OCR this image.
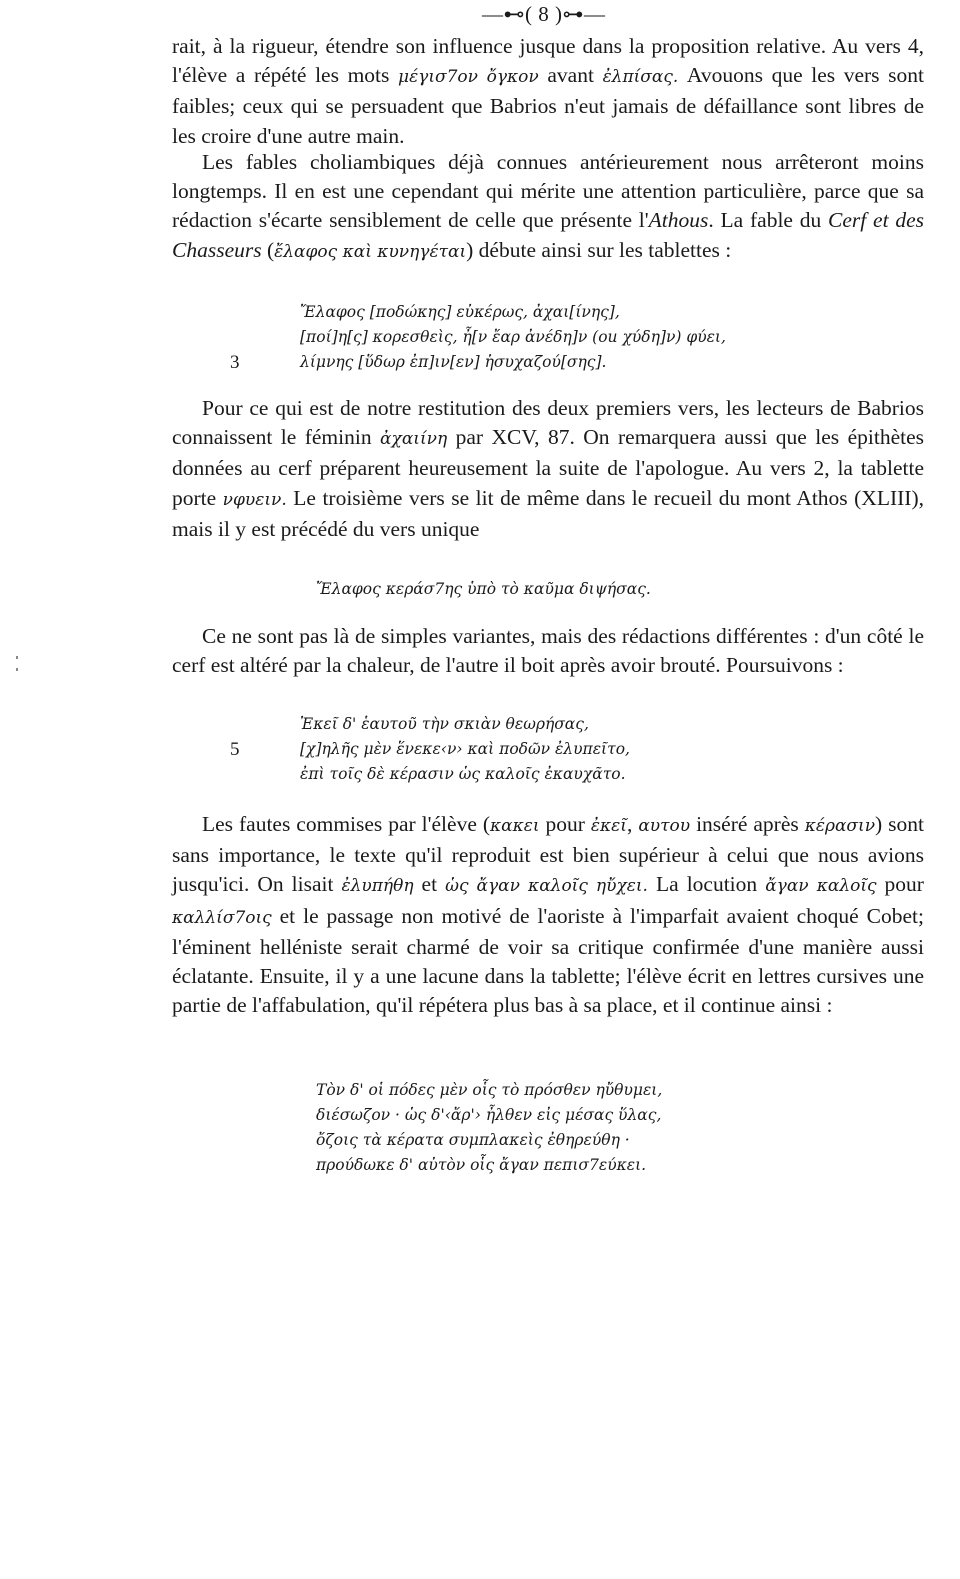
—⊷( 8 )⊶—

rait, à la rigueur, étendre son influence jusque dans la proposition relative. Au vers 4, l'élève a répété les mots μέγισ7ον ὄγκον avant ἐλπίσας. Avouons que les vers sont faibles; ceux qui se persuadent que Babrios n'eut jamais de défaillance sont libres de les croire d'une autre main.

Les fables choliambiques déjà connues antérieurement nous arrêteront moins longtemps. Il en est une cependant qui mérite une attention particulière, parce que sa rédaction s'écarte sensiblement de celle que présente l'Athous. La fable du Cerf et des Chasseurs (ἔλαφος καὶ κυνηγέται) débute ainsi sur les tablettes :

Ἔλαφος [ποδώκης] εὐκέρως, ἀχαι[ίνης],
[ποί]η[ς] κορεσθεὶς, ἦ[ν ἔαρ ἀνέδη]ν (ou χύδη]ν) φύει,
3	λίμνης [ὕδωρ ἐπ]ιν[εν] ἡσυχαζού[σης].

Pour ce qui est de notre restitution des deux premiers vers, les lecteurs de Babrios connaissent le féminin ἀχαιίνη par XCV, 87. On remarquera aussi que les épithètes données au cerf préparent heureusement la suite de l'apologue. Au vers 2, la tablette porte νφυειν. Le troisième vers se lit de même dans le recueil du mont Athos (XLIII), mais il y est précédé du vers unique

Ἔλαφος κεράσ7ης ὑπὸ τὸ καῦμα διψήσας.

Ce ne sont pas là de simples variantes, mais des rédactions différentes : d'un côté le cerf est altéré par la chaleur, de l'autre il boit après avoir brouté. Poursuivons :

Ἐκεῖ δ' ἑαυτοῦ τὴν σκιὰν θεωρήσας,
5	[χ]ηλῆς μὲν ἕνεκε‹ν› καὶ ποδῶν ἐλυπεῖτο,
ἐπὶ τοῖς δὲ κέρασιν ὡς καλοῖς ἐκαυχᾶτο.

Les fautes commises par l'élève (κακει pour ἐκεῖ, αυτου inséré après κέρασιν) sont sans importance, le texte qu'il reproduit est bien supérieur à celui que nous avions jusqu'ici. On lisait ἐλυπήθη et ὡς ἄγαν καλοῖς ηὔχει. La locution ἄγαν καλοῖς pour καλλίσ7οις et le passage non motivé de l'aoriste à l'imparfait avaient choqué Cobet; l'éminent helléniste serait charmé de voir sa critique confirmée d'une manière aussi éclatante. Ensuite, il y a une lacune dans la tablette; l'élève écrit en lettres cursives une partie de l'affabulation, qu'il répétera plus bas à sa place, et il continue ainsi :

Τὸν δ' οἱ πόδες μὲν οἷς τὸ πρόσθεν ηὔθυμει,
διέσωζον · ὡς δ'‹ἄρ'› ἦλθεν εἰς μέσας ὕλας,
ὄζοις τὰ κέρατα συμπλακεὶς ἐθηρεύθη ·
προύδωκε δ' αὐτὸν οἷς ἄγαν πεπισ7εύκει.
